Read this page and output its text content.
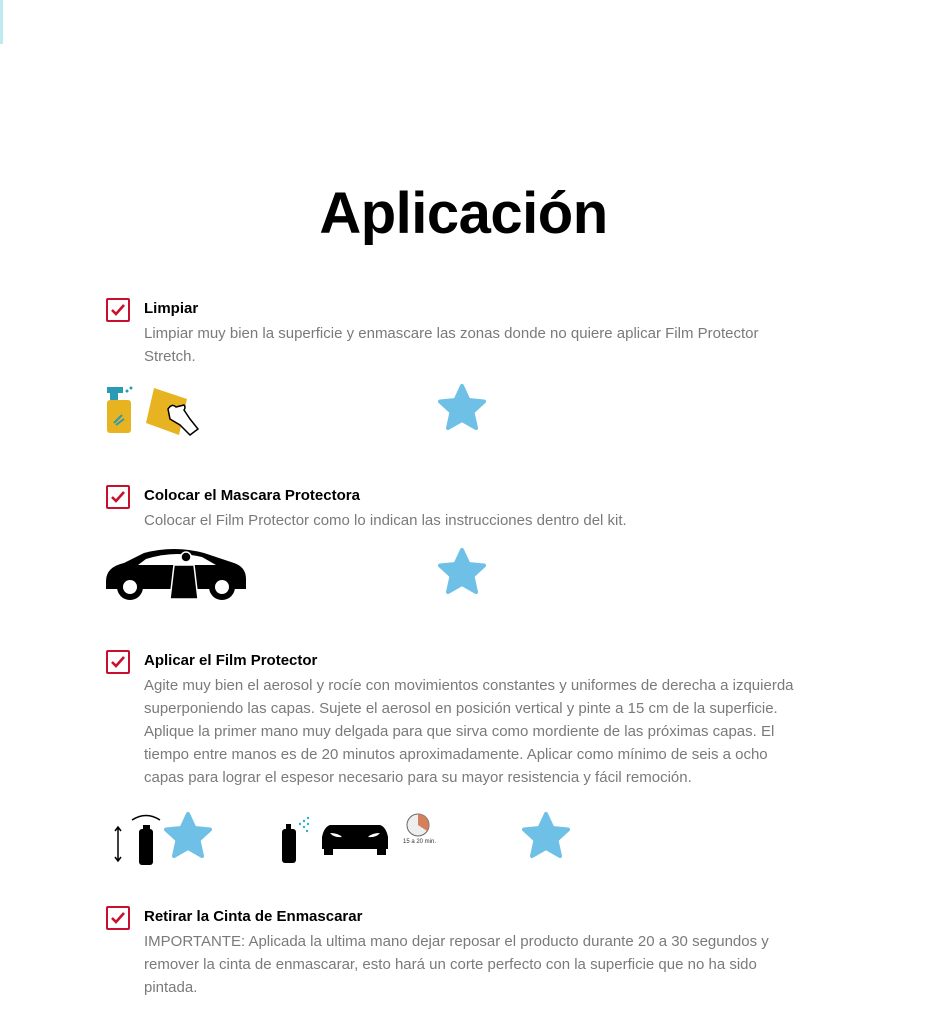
Aplicación
Limpiar
Limpiar muy bien la superficie y enmascare las zonas donde no quiere aplicar Film Protector Stretch.
Colocar el Mascara Protectora
Colocar el Film Protector como lo indican las instrucciones dentro del kit.
Aplicar el Film Protector
Agite muy bien el aerosol y rocíe con movimientos constantes y uniformes de derecha a izquierda superponiendo las capas. Sujete el aerosol en posición vertical y pinte a 15 cm de la superficie. Aplique la primer mano muy delgada para que sirva como mordiente de las próximas capas. El tiempo entre manos es de 20 minutos aproximadamente. Aplicar como mínimo de seis a ocho capas para lograr el espesor necesario para su mayor resistencia y fácil remoción.
15 a 20 min.
Retirar la Cinta de Enmascarar
IMPORTANTE: Aplicada la ultima mano dejar reposar el producto durante 20 a 30 segundos y remover la cinta de enmascarar, esto hará un corte perfecto con la superficie que no ha sido pintada.
